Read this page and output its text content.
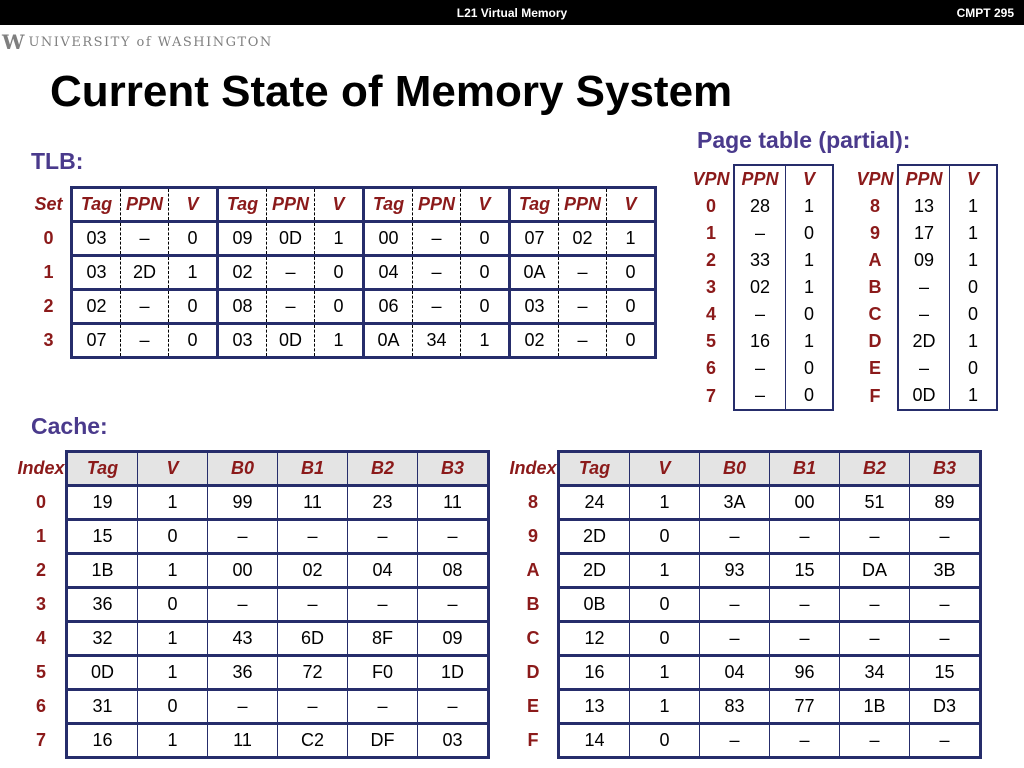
L21 Virtual Memory	CMPT 295
W UNIVERSITY of WASHINGTON
Current State of Memory System
TLB:
Page table (partial):
Cache:
Set	Tag	PPN	V	Tag	PPN	V	Tag	PPN	V	Tag	PPN	V
0	03	–	0	09	0D	1	00	–	0	07	02	1
1	03	2D	1	02	–	0	04	–	0	0A	–	0
2	02	–	0	08	–	0	06	–	0	03	–	0
3	07	–	0	03	0D	1	0A	34	1	02	–	0
VPN	PPN	V
0	28	1
1	–	0
2	33	1
3	02	1
4	–	0
5	16	1
6	–	0
7	–	0
VPN	PPN	V
8	13	1
9	17	1
A	09	1
B	–	0
C	–	0
D	2D	1
E	–	0
F	0D	1
Index	Tag	V	B0	B1	B2	B3
0	19	1	99	11	23	11
1	15	0	–	–	–	–
2	1B	1	00	02	04	08
3	36	0	–	–	–	–
4	32	1	43	6D	8F	09
5	0D	1	36	72	F0	1D
6	31	0	–	–	–	–
7	16	1	11	C2	DF	03
Index	Tag	V	B0	B1	B2	B3
8	24	1	3A	00	51	89
9	2D	0	–	–	–	–
A	2D	1	93	15	DA	3B
B	0B	0	–	–	–	–
C	12	0	–	–	–	–
D	16	1	04	96	34	15
E	13	1	83	77	1B	D3
F	14	0	–	–	–	–
